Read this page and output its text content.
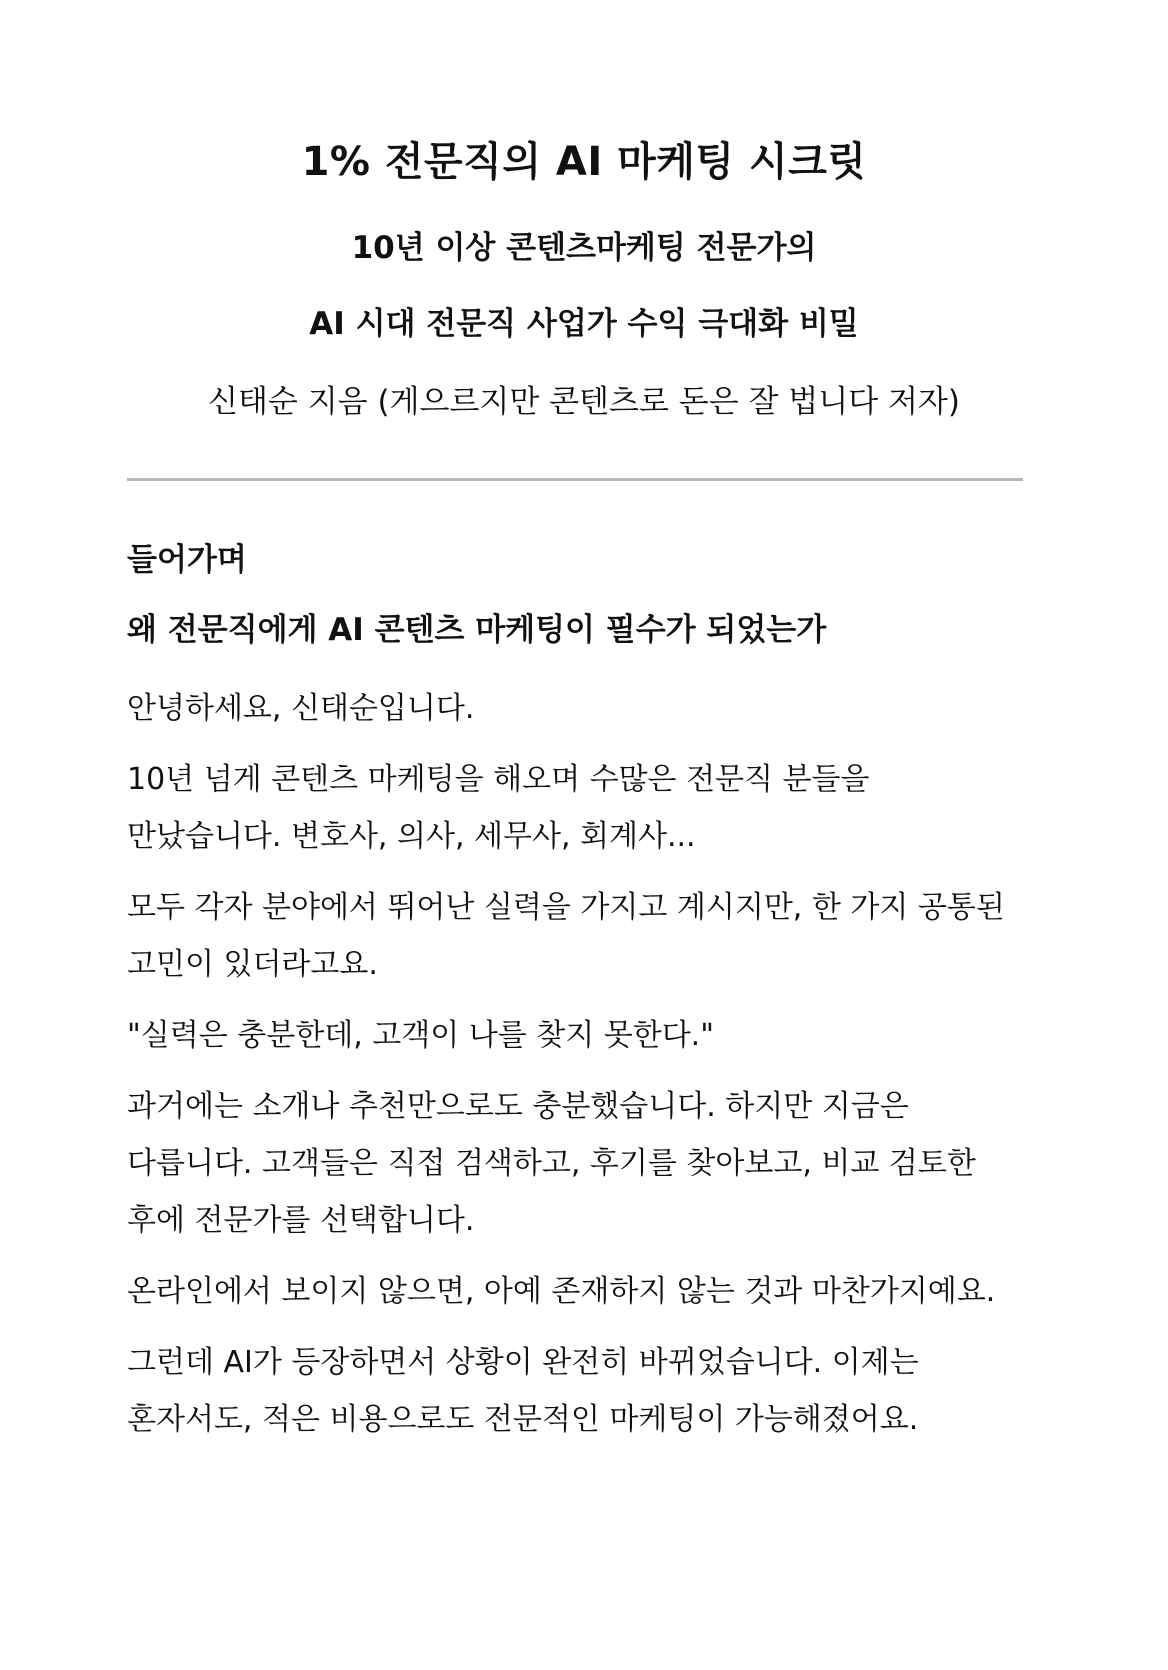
1% 전문직의 AI 마케팅 시크릿
10년 이상 콘텐츠마케팅 전문가의
AI 시대 전문직 사업가 수익 극대화 비밀
신태순 지음 (게으르지만 콘텐츠로 돈은 잘 법니다 저자)
들어가며
왜 전문직에게 AI 콘텐츠 마케팅이 필수가 되었는가

안녕하세요, 신태순입니다.

10년 넘게 콘텐츠 마케팅을 해오며 수많은 전문직 분들을 만났습니다. 변호사, 의사, 세무사, 회계사...

모두 각자 분야에서 뛰어난 실력을 가지고 계시지만, 한 가지 공통된 고민이 있더라고요.

"실력은 충분한데, 고객이 나를 찾지 못한다."

과거에는 소개나 추천만으로도 충분했습니다. 하지만 지금은 다릅니다. 고객들은 직접 검색하고, 후기를 찾아보고, 비교 검토한 후에 전문가를 선택합니다.

온라인에서 보이지 않으면, 아예 존재하지 않는 것과 마찬가지예요.

그런데 AI가 등장하면서 상황이 완전히 바뀌었습니다. 이제는 혼자서도, 적은 비용으로도 전문적인 마케팅이 가능해졌어요.
